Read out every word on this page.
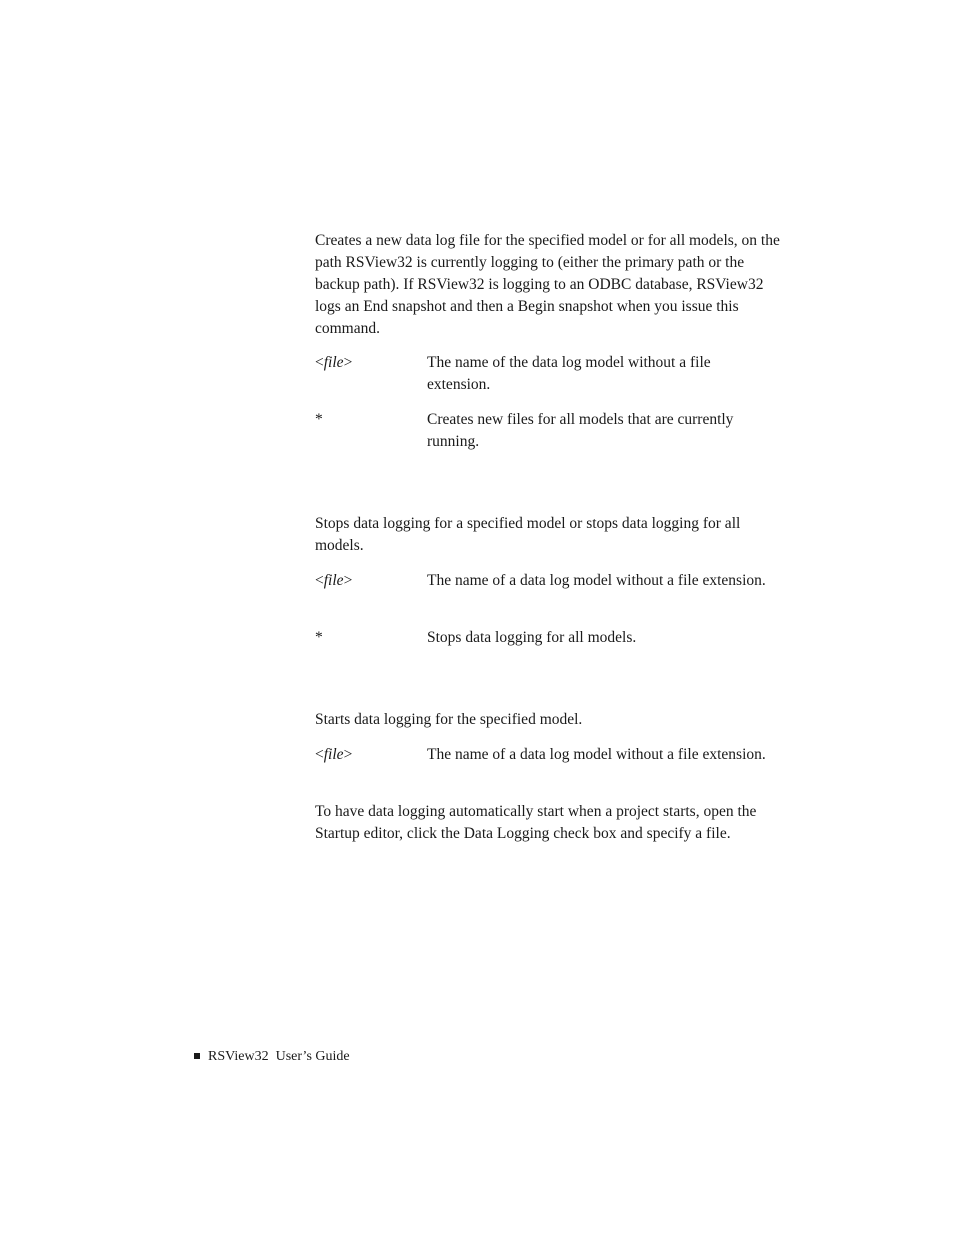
Creates a new data log file for the specified model or for all models, on the path RSView32 is currently logging to (either the primary path or the backup path). If RSView32 is logging to an ODBC database, RSView32 logs an End snapshot and then a Begin snapshot when you issue this command.

<file>	The name of the data log model without a file extension.
*	Creates new files for all models that are currently running.

Stops data logging for a specified model or stops data logging for all models.

<file>	The name of a data log model without a file extension.
*	Stops data logging for all models.

Starts data logging for the specified model.

<file>	The name of a data log model without a file extension.

To have data logging automatically start when a project starts, open the Startup editor, click the Data Logging check box and specify a file.

RSView32  User’s Guide
